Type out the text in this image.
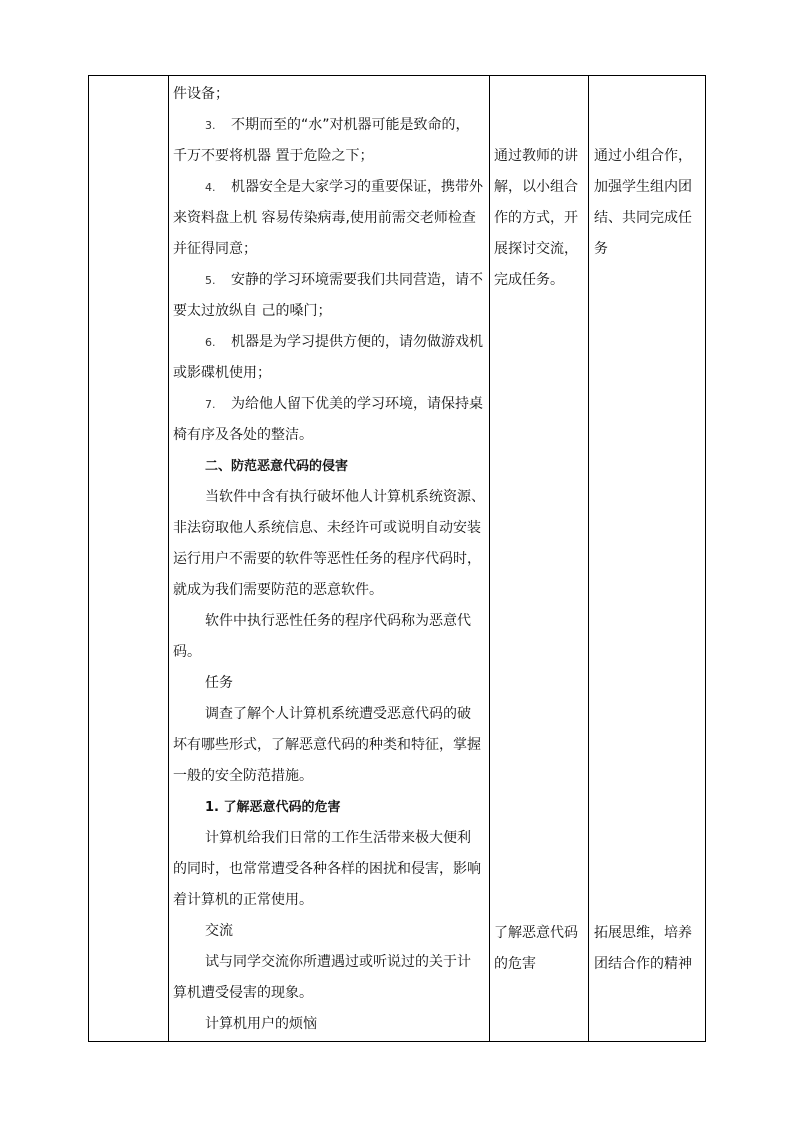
件设备；
3. 不期而至的“水”对机器可能是致命的，
千万不要将机器 置于危险之下；
4. 机器安全是大家学习的重要保证，携带外
来资料盘上机 容易传染病毒,使用前需交老师检查
并征得同意；
5. 安静的学习环境需要我们共同营造，请不
要太过放纵自 己的嗓门；
6. 机器是为学习提供方便的，请勿做游戏机
或影碟机使用；
7. 为给他人留下优美的学习环境，请保持桌
椅有序及各处的整洁。
二、防范恶意代码的侵害
当软件中含有执行破坏他人计算机系统资源、
非法窃取他人系统信息、未经许可或说明自动安装
运行用户不需要的软件等恶性任务的程序代码时，
就成为我们需要防范的恶意软件。
软件中执行恶性任务的程序代码称为恶意代
码。
任务
调查了解个人计算机系统遭受恶意代码的破
坏有哪些形式，了解恶意代码的种类和特征，掌握
一般的安全防范措施。
1. 了解恶意代码的危害
计算机给我们日常的工作生活带来极大便利
的同时，也常常遭受各种各样的困扰和侵害，影响
着计算机的正常使用。
交流
试与同学交流你所遭遇过或听说过的关于计
算机遭受侵害的现象。
计算机用户的烦恼
通过教师的讲
解，以小组合
作的方式，开
展探讨交流，
完成任务。
了解恶意代码
的危害
通过小组合作，
加强学生组内团
结、共同完成任
务
拓展思维，培养
团结合作的精神
